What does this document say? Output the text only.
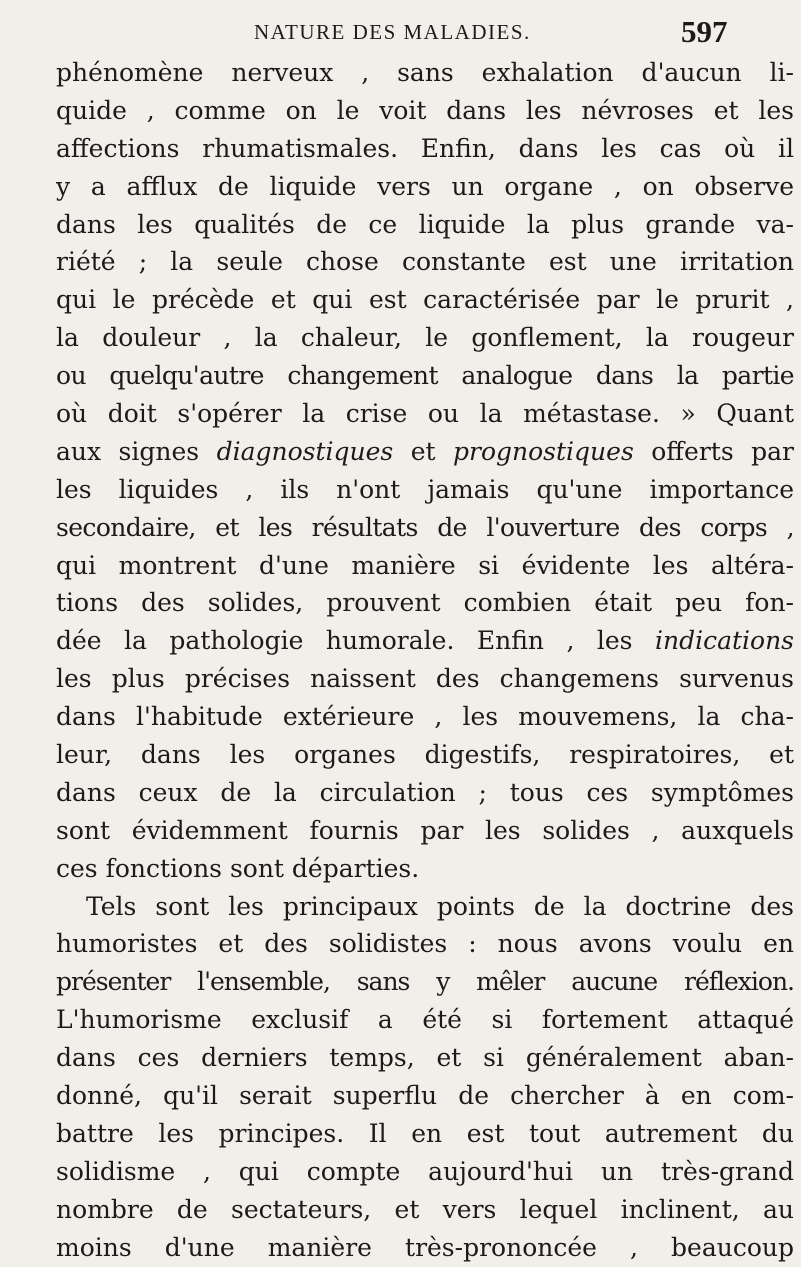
NATURE DES MALADIES.	597
phénomène nerveux , sans exhalation d'aucun li-
quide , comme on le voit dans les névroses et les
affections rhumatismales. Enfin, dans les cas où il
y a afflux de liquide vers un organe , on observe
dans les qualités de ce liquide la plus grande va-
riété ; la seule chose constante est une irritation
qui le précède et qui est caractérisée par le prurit ,
la douleur , la chaleur, le gonflement, la rougeur
ou quelqu'autre changement analogue dans la partie
où doit s'opérer la crise ou la métastase. » Quant
aux signes diagnostiques et prognostiques offerts par
les liquides , ils n'ont jamais qu'une importance
secondaire, et les résultats de l'ouverture des corps ,
qui montrent d'une manière si évidente les altéra-
tions des solides, prouvent combien était peu fon-
dée la pathologie humorale. Enfin , les indications
les plus précises naissent des changemens survenus
dans l'habitude extérieure , les mouvemens, la cha-
leur, dans les organes digestifs, respiratoires, et
dans ceux de la circulation ; tous ces symptômes
sont évidemment fournis par les solides , auxquels
ces fonctions sont départies.
Tels sont les principaux points de la doctrine des
humoristes et des solidistes : nous avons voulu en
présenter l'ensemble, sans y mêler aucune réflexion.
L'humorisme exclusif a été si fortement attaqué
dans ces derniers temps, et si généralement aban-
donné, qu'il serait superflu de chercher à en com-
battre les principes. Il en est tout autrement du
solidisme , qui compte aujourd'hui un très-grand
nombre de sectateurs, et vers lequel inclinent, au
moins d'une manière très-prononcée , beaucoup
